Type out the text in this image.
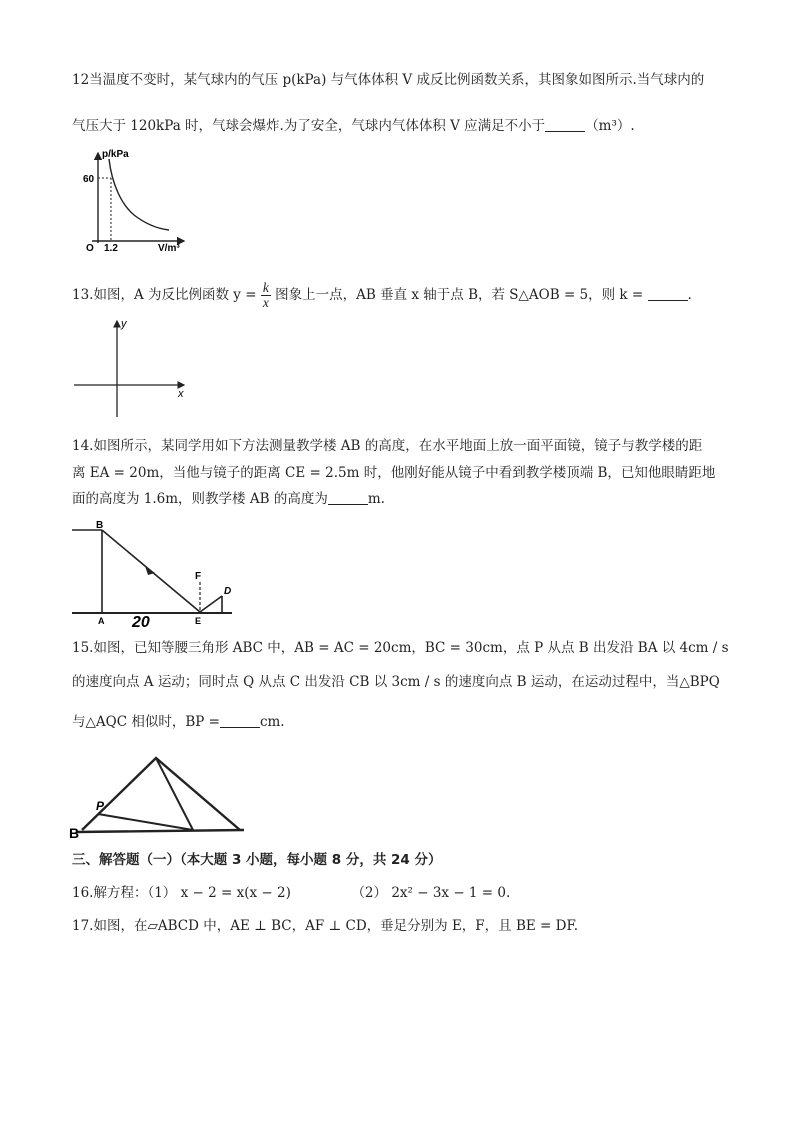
12当温度不变时，某气球内的气压 p(kPa) 与气体体积 V 成反比例函数关系，其图象如图所示.当气球内的
气压大于 120kPa 时，气球会爆炸.为了安全，气球内气体体积 V 应满足不小于	（m³）.
p/kPa
60
O 1.2	V/m³
13.如图，A 为反比例函数 $y = \frac{k}{x}$ 图象上一点，AB 垂直 x 轴于点 B，若 S△AOB = 5，则 k =	.
y
x
14.如图所示，某同学用如下方法测量教学楼 AB 的高度，在水平地面上放一面平面镜，镜子与教学楼的距
离 EA = 20m，当他与镜子的距离 CE = 2.5m 时，他刚好能从镜子中看到教学楼顶端 B，已知他眼睛距地
面的高度为 1.6m，则教学楼 AB 的高度为	m.
B
A
F
D
E
20
15.如图，已知等腰三角形 ABC 中，AB = AC = 20cm，BC = 30cm，点 P 从点 B 出发沿 BA 以 4cm / s
的速度向点 A 运动；同时点 Q 从点 C 出发沿 CB 以 3cm / s 的速度向点 B 运动，在运动过程中，当△BPQ
与△AQC 相似时，BP =	cm.
B
P
三、解答题（一）（本大题 3 小题，每小题 8 分，共 24 分）
16.解方程：（1） x − 2 = x(x − 2)	（2） 2x² − 3x − 1 = 0.
17.如图，在▱ABCD 中，AE ⊥ BC，AF ⊥ CD，垂足分别为 E，F，且 BE = DF.
